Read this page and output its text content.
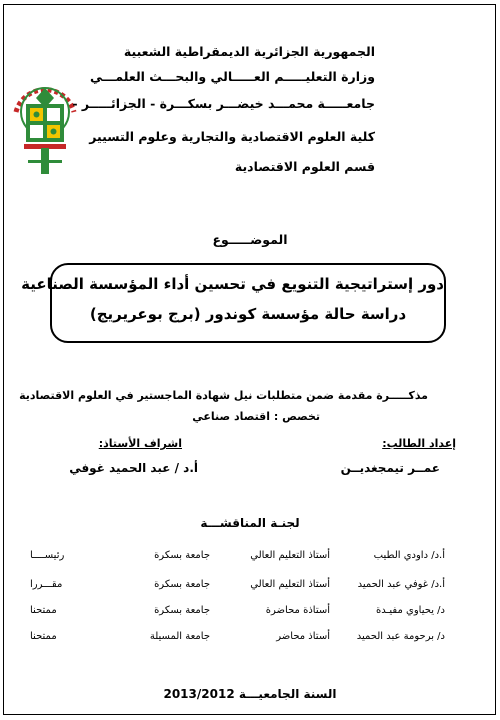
الجمهورية الجزائرية الديمقراطية الشعبية
وزارة التعليـــــم العـــــالي والبحـــث العلمـــي
جامعـــــة محمـــد خيضـــر بسكـــرة - الجزائـــــر -
كلية العلوم الاقتصادية والتجارية وعلوم التسيير
قسم العلوم الاقتصادية
الموضـــــوع
دور إستراتيجية التنويع في تحسين أداء المؤسسة الصناعية
دراسة حالة مؤسسة كوندور (برج بوعريريج)
مذكـــــرة مقدمة ضمن متطلبات نيل شهادة الماجستير في العلوم الاقتصادية
تخصص : اقتصاد صناعي
إعداد الطالب:
اشراف الأستاذ:
عمــر تيمجغديــن
أ.د / عبد الحميد غوفي
لجنـة المناقشـــة
أ.د/ داودي الطيب
أستاذ التعليم العالي
جامعة بسكرة
رئيســــا
أ.د/ غوفي عبد الحميد
أستاذ التعليم العالي
جامعة بسكرة
مقـــررا
د/ يحياوي مفيـدة
أستاذة محاضرة
جامعة بسكرة
ممتحنا
د/ برحومة عبد الحميد
أستاذ محاضر
جامعة المسيلة
ممتحنا
السنة الجامعيـــة 2013/2012
